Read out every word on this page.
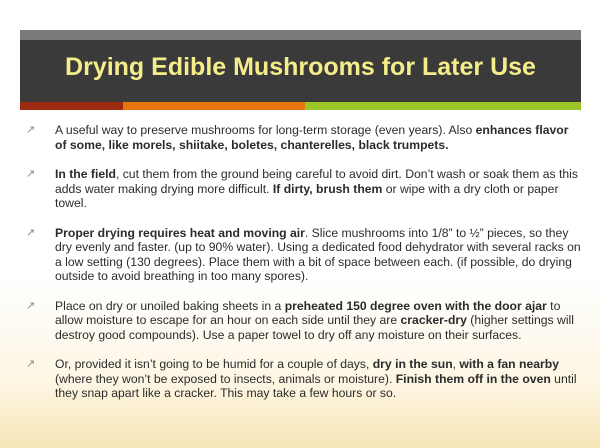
Drying Edible Mushrooms for Later Use
↗ A useful way to preserve mushrooms for long-term storage (even years). Also enhances flavor of some, like morels, shiitake, boletes, chanterelles, black trumpets.
↗ In the field, cut them from the ground being careful to avoid dirt. Don’t wash or soak them as this adds water making drying more difficult. If dirty, brush them or wipe with a dry cloth or paper towel.
↗ Proper drying requires heat and moving air. Slice mushrooms into 1/8” to ½” pieces, so they dry evenly and faster. (up to 90% water). Using a dedicated food dehydrator with several racks on a low setting (130 degrees). Place them with a bit of space between each. (if possible, do drying outside to avoid breathing in too many spores).
↗ Place on dry or unoiled baking sheets in a preheated 150 degree oven with the door ajar to allow moisture to escape for an hour on each side until they are cracker-dry (higher settings will destroy good compounds). Use a paper towel to dry off any moisture on their surfaces.
↗ Or, provided it isn’t going to be humid for a couple of days, dry in the sun, with a fan nearby (where they won’t be exposed to insects, animals or moisture). Finish them off in the oven until they snap apart like a cracker. This may take a few hours or so.
